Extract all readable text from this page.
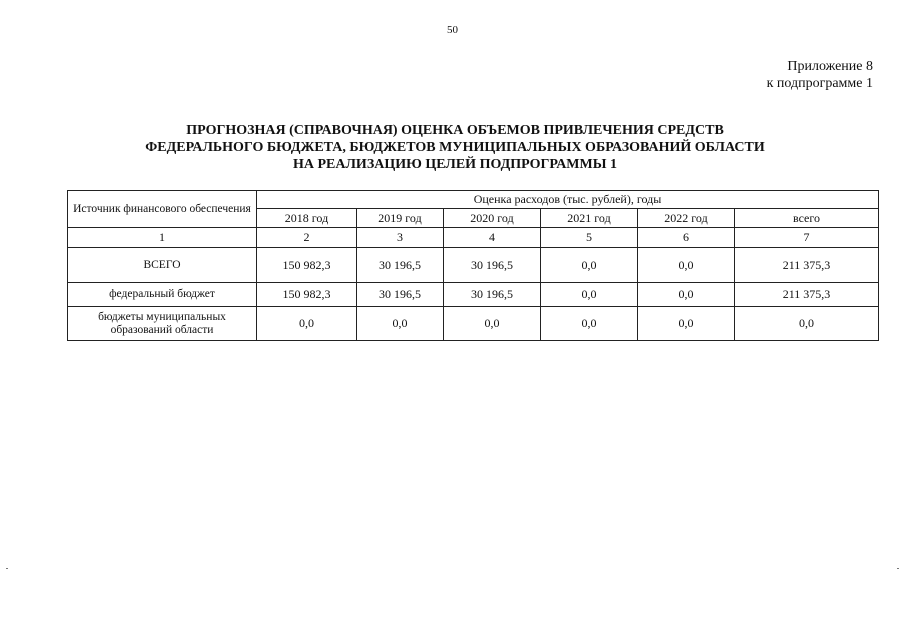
50
Приложение 8
к подпрограмме 1
ПРОГНОЗНАЯ (СПРАВОЧНАЯ) ОЦЕНКА ОБЪЕМОВ ПРИВЛЕЧЕНИЯ СРЕДСТВ
ФЕДЕРАЛЬНОГО БЮДЖЕТА, БЮДЖЕТОВ МУНИЦИПАЛЬНЫХ ОБРАЗОВАНИЙ ОБЛАСТИ
НА РЕАЛИЗАЦИЮ ЦЕЛЕЙ ПОДПРОГРАММЫ 1
Источник финансового обеспечения	Оценка расходов (тыс. рублей), годы					
	2018 год	2019 год	2020 год	2021 год	2022 год	всего
1	2	3	4	5	6	7
ВСЕГО	150 982,3	30 196,5	30 196,5	0,0	0,0	211 375,3
федеральный бюджет	150 982,3	30 196,5	30 196,5	0,0	0,0	211 375,3
бюджеты муниципальных образований области	0,0	0,0	0,0	0,0	0,0	0,0
